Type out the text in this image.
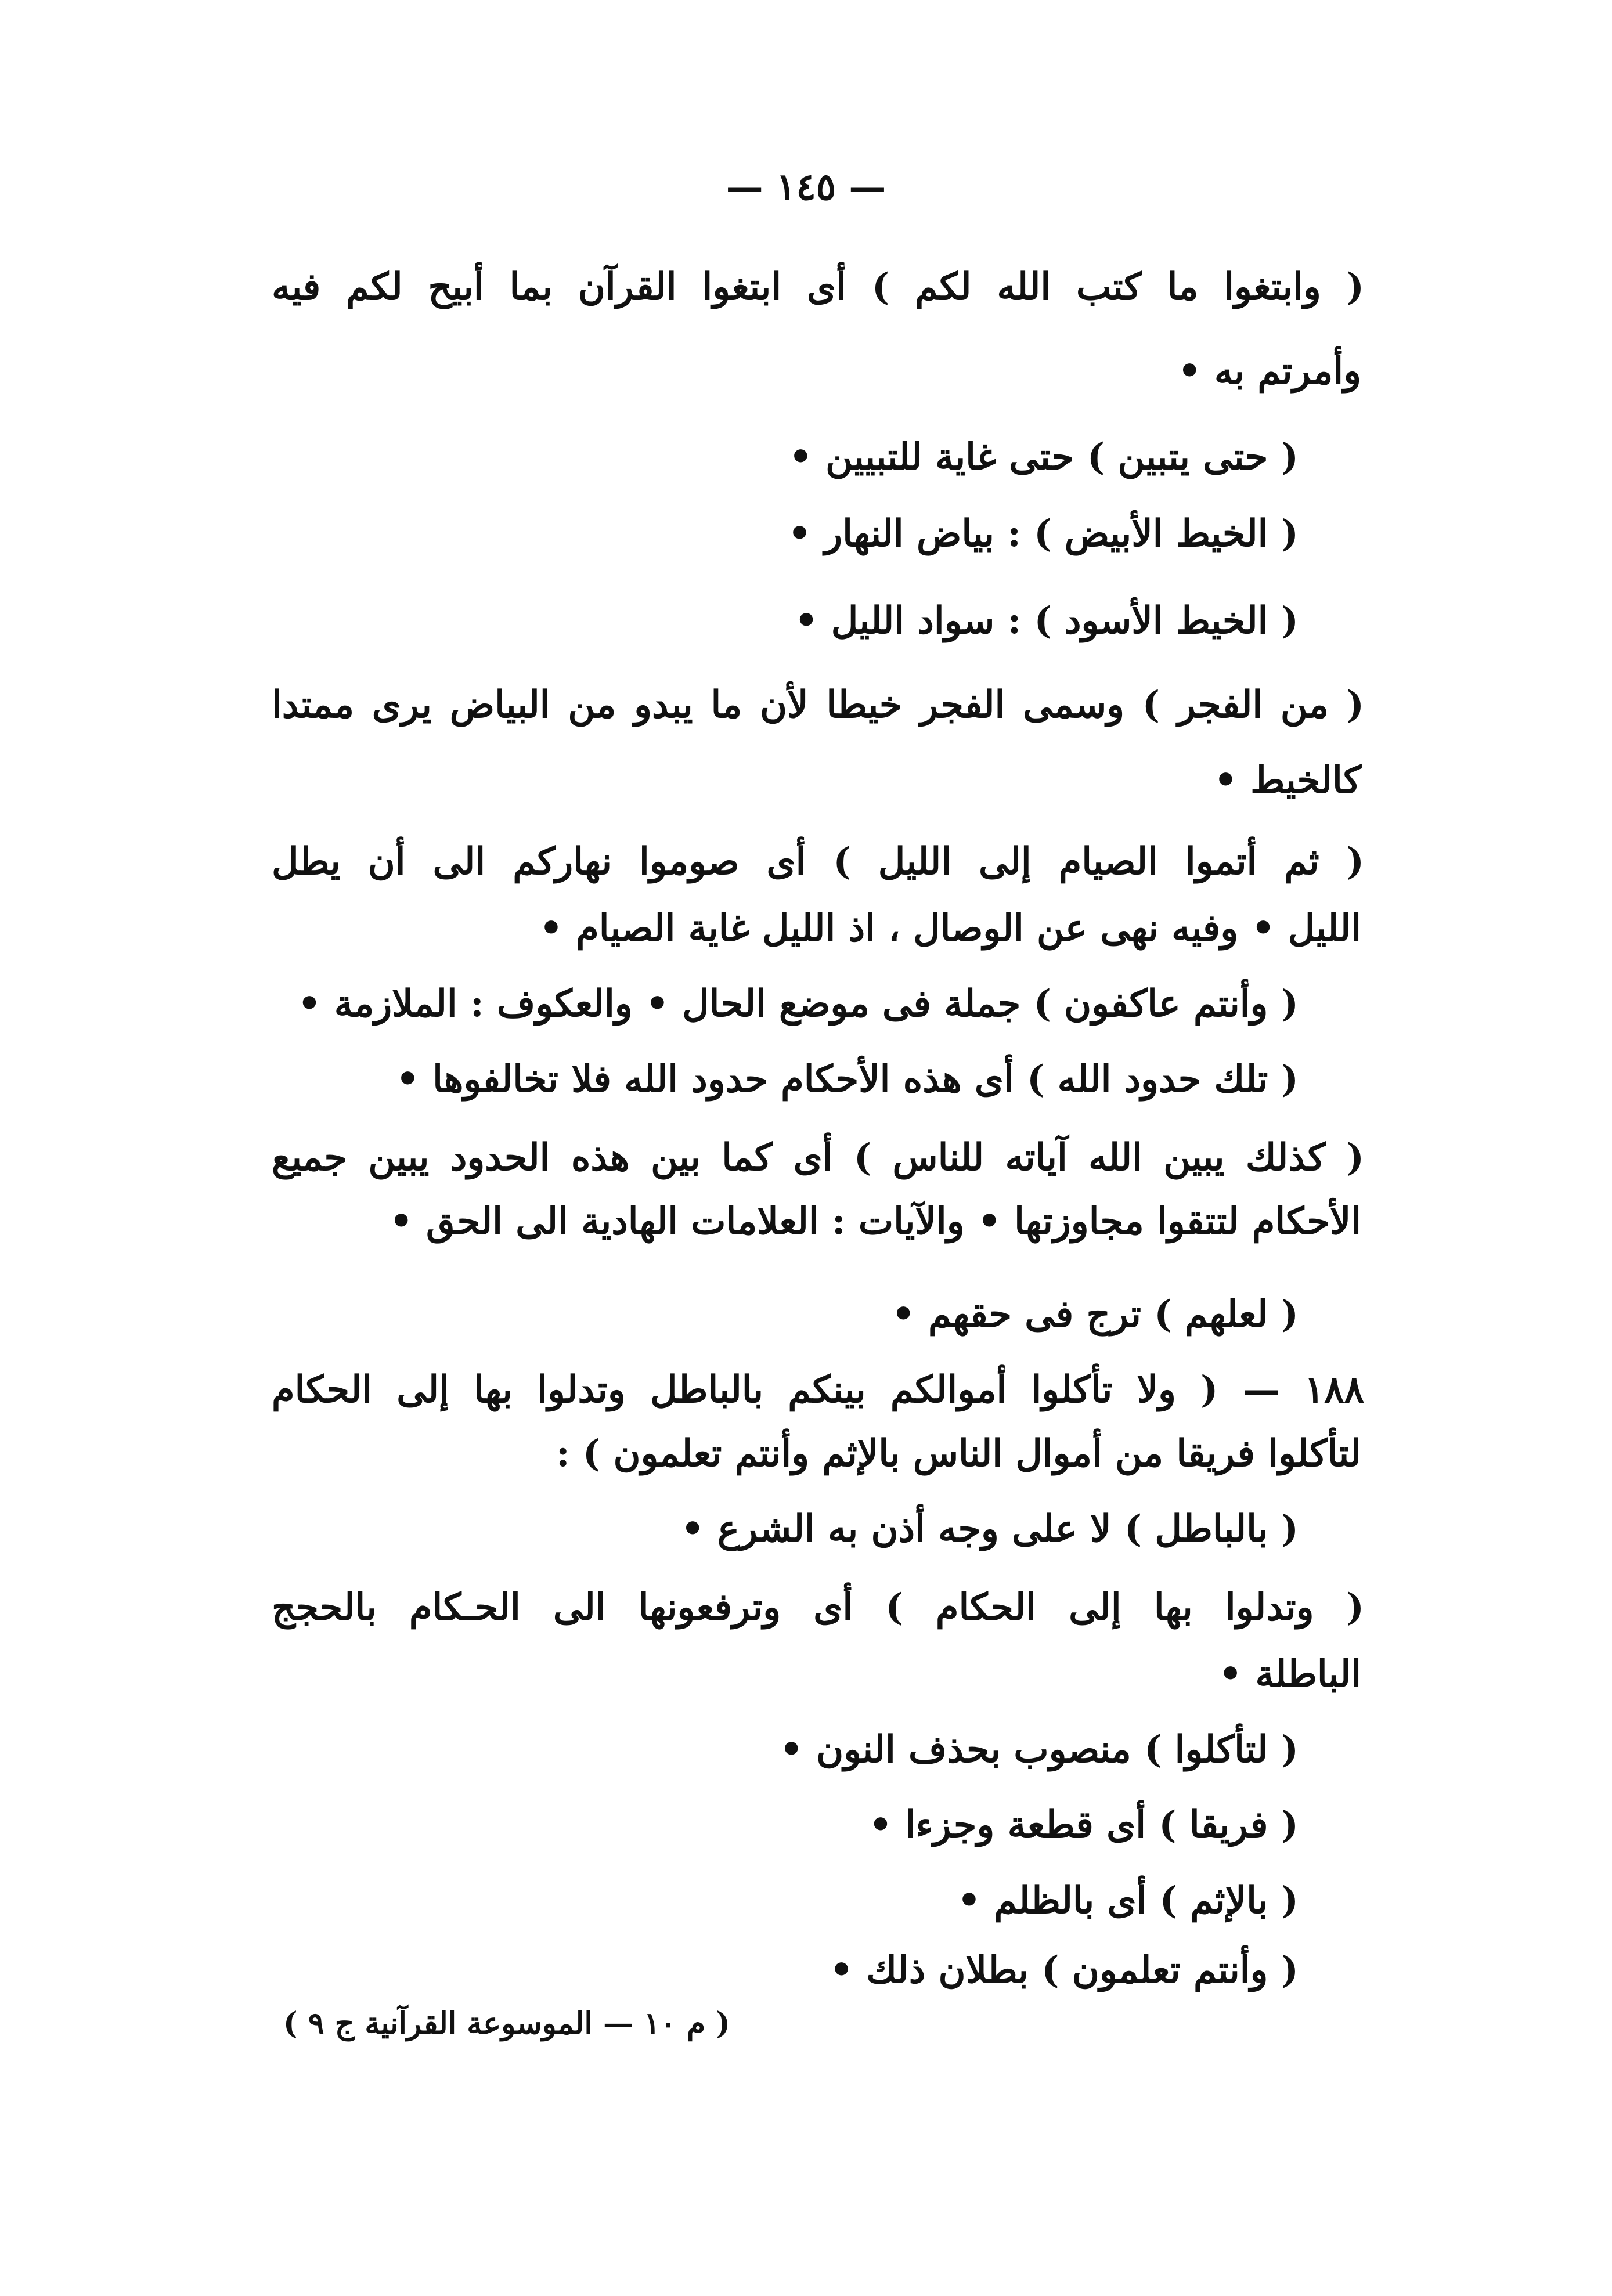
— ١٤٥ —
( وابتغوا ما كتب الله لكم ) أى ابتغوا القرآن بما أبيح لكم فيه
وأمرتم به •
( حتى يتبين ) حتى غاية للتبيين •
( الخيط الأبيض ) : بياض النهار •
( الخيط الأسود ) : سواد الليل •
( من الفجر ) وسمى الفجر خيطا لأن ما يبدو من البياض يرى ممتدا
كالخيط •
( ثم أتموا الصيام إلى الليل ) أى صوموا نهاركم الى أن يطل
الليل • وفيه نهى عن الوصال ، اذ الليل غاية الصيام •
( وأنتم عاكفون ) جملة فى موضع الحال • والعكوف : الملازمة •
( تلك حدود الله ) أى هذه الأحكام حدود الله فلا تخالفوها •
( كذلك يبين الله آياته للناس ) أى كما بين هذه الحدود يبين جميع
الأحكام لتتقوا مجاوزتها • والآيات : العلامات الهادية الى الحق •
( لعلهم ) ترج فى حقهم •
١٨٨ — ( ولا تأكلوا أموالكم بينكم بالباطل وتدلوا بها إلى الحكام
لتأكلوا فريقا من أموال الناس بالإثم وأنتم تعلمون ) :
( بالباطل ) لا على وجه أذن به الشرع •
( وتدلوا بها إلى الحكام ) أى وترفعونها الى الحـكام بالحجج
الباطلة •
( لتأكلوا ) منصوب بحذف النون •
( فريقا ) أى قطعة وجزءا •
( بالإثم ) أى بالظلم •
( وأنتم تعلمون ) بطلان ذلك •
( م ١٠ — الموسوعة القرآنية ج ٩ )
